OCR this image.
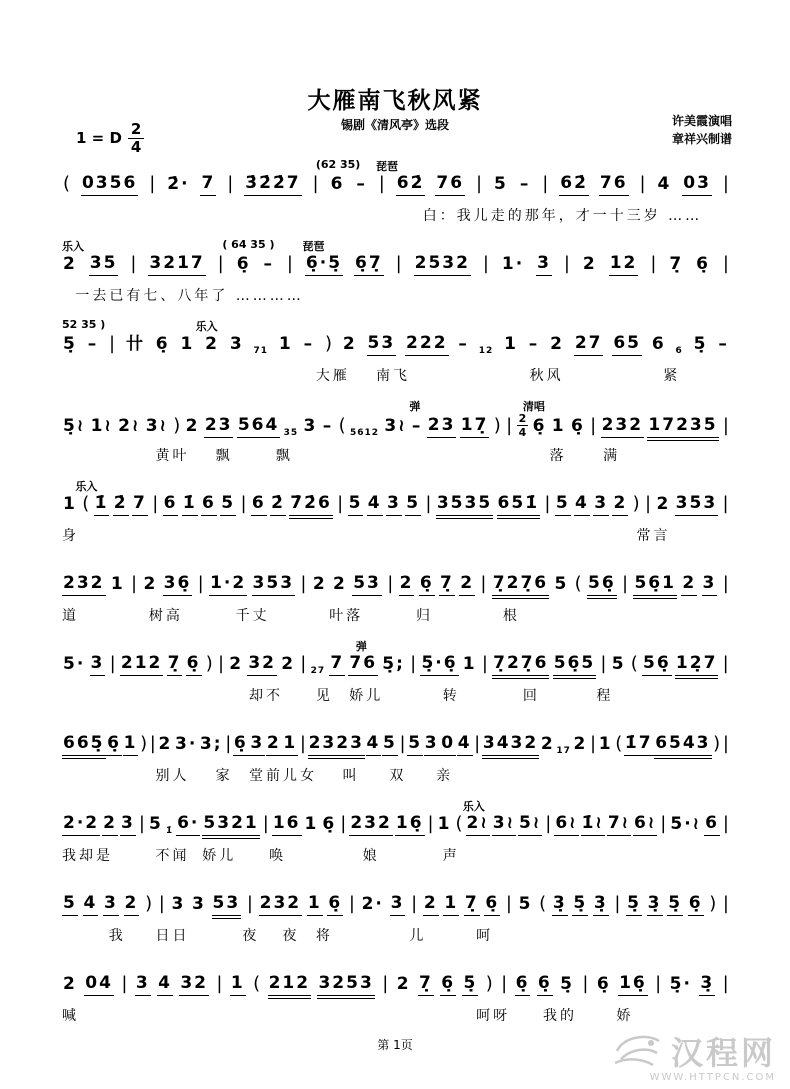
大雁南飞秋风紧
锡剧《清风亭》选段	许美霞演唱
章祥兴制谱
1 = D $\frac{2}{4}$
(62 35) 琵琶
( 0356 | 2̇· 7 | 3̇2̇2̇7 | 6 – | 62̇ 76 | 5 – | 62̇ 76 | 4 03 |
白：我儿走的那年，才一十三岁 ……
乐入	( 64 35 )	琵琶
2 35 | 3217 | 6̣ – | 6̣·5̣ 6̣7̣ | 2532 | 1· 3 | 2 12 | 7̣ 6̣ |
一去已有七、八年了 …………
52 35 )	乐入
5̣ – | 卄 6̣ 1 2 3 71 1 – ) 2 53 222 – 12 1 – 2 27 65 6 6 5̣ –
大雁 南飞	秋风	紧
弹	清唱
5̣≀ 1≀ 2≀ 3≀ ) 2 23 564 35 3 – ( 5612 3≀ – 23 17̣ ) | $\frac{2}{4}$ 6̣ 1 6̣ | 232 17235 |
黄叶 飘	飘	落	满
乐入
1 ( 1̇ 2̇ 7 | 6 1̇ 6 5 | 6 2̇ 7̇2̇6 | 5 4 3 5 | 3535 651̇ | 5 4 3 2 ) | 2 353 |
身	常言
232 1 | 2 36̣ | 1·2 353 | 2 2 53 | 2 6̣ 7̣ 2 | 7̣27̣6 5 ( 56̣ | 56̣1 2 3 |
道	树高	千丈	叶落	归	根
弹
5· 3 | 212 7̣ 6̣ ) | 2 32 2 | 27 7 76 5̣; | 5̣·6̣ 1 | 7̣27̣6 56̣5 | 5 ( 56̣ 12̣7 |
却不 见 娇儿	转	回	程
665̣ 6̣ 1 ) | 2 3· 3; | 6̣ 3 2 1 | 2323 4 5 | 5 3 0 4 | 3432 2 17 2 | 1 ( 1̇7 6543 ) |
别人 家 堂前儿女 叫 双 亲
乐入
2·2 2 3 | 5 1̇ 6· 5321 | 16 1 6̣ | 232 16̣ | 1 ( 2≀ 3≀ 5≀ | 6≀ 1̇≀ 7≀ 6≀ | 5·≀ 6 |
我却是	不闻 娇儿 唤	娘	声
5 4 3 2 ) | 3 3 53 | 232 1 6̣ | 2· 3 | 2 1 7̣ 6̣ | 5 ( 3̣ 5̣ 3̣ | 5̣ 3̣ 5̣ 6̣ ) |
我 日日	夜 夜 将	儿	呵
2 04 | 3 4 32 | 1 ( 212 3253 | 2 7̣ 6̣ 5̣ ) | 6̣ 6̣ 5̣ | 6̣ 16̣ | 5̣· 3̣ |
喊	呵呀 我的	娇
第 1页	汉程网
WWW.HTTPCN.COM
